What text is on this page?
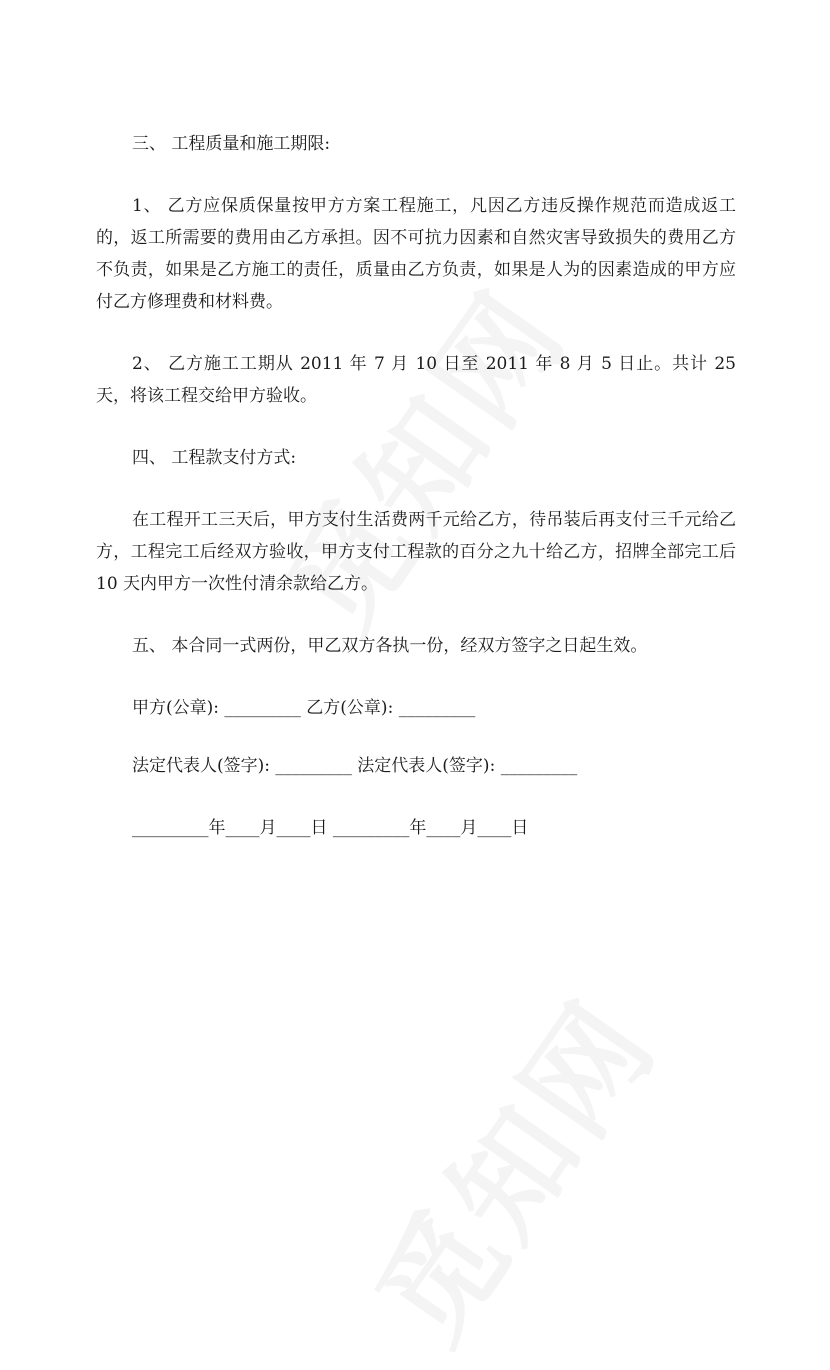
三、 工程质量和施工期限:

1、 乙方应保质保量按甲方方案工程施工，凡因乙方违反操作规范而造成返工的，返工所需要的费用由乙方承担。因不可抗力因素和自然灾害导致损失的费用乙方不负责，如果是乙方施工的责任，质量由乙方负责，如果是人为的因素造成的甲方应付乙方修理费和材料费。

2、 乙方施工工期从 2011 年 7 月 10 日至 2011 年 8 月 5 日止。共计 25 天，将该工程交给甲方验收。

四、 工程款支付方式:

在工程开工三天后，甲方支付生活费两千元给乙方，待吊装后再支付三千元给乙方，工程完工后经双方验收，甲方支付工程款的百分之九十给乙方，招牌全部完工后 10 天内甲方一次性付清余款给乙方。

五、 本合同一式两份，甲乙双方各执一份，经双方签字之日起生效。

甲方(公章): _________ 乙方(公章): _________

法定代表人(签字): _________ 法定代表人(签字): _________

_________年____月____日 _________年____月____日
